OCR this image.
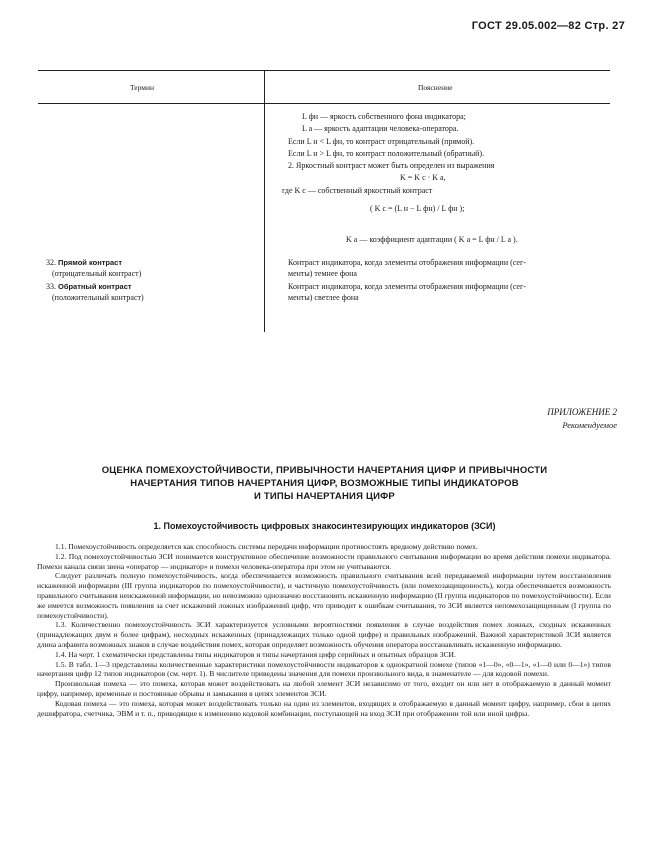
ГОСТ 29.05.002—82 Стр. 27
Термин	Пояснение
L фн — яркость собственного фона индикатора;
L а — яркость адаптации человека-оператора.
Если L н < L фн, то контраст отрицательный (прямой).
Если L н > L фн, то контраст положительный (обратный).
2. Яркостный контраст может быть определен из выражения
K = K с · K а,
где K с — собственный яркостный контраст
( K с = (L н − L фн) / L фн );
K а — коэффициент адаптации ( K а = L фн / L а ).
32. Прямой контраст
(отрицательный контраст)
Контраст индикатора, когда элементы отображения информации (сег-
менты) темнее фона
33. Обратный контраст
(положительный контраст)
Контраст индикатора, когда элементы отображения информации (сег-
менты) светлее фона
ПРИЛОЖЕНИЕ 2
Рекомендуемое
ОЦЕНКА ПОМЕХОУСТОЙЧИВОСТИ, ПРИВЫЧНОСТИ НАЧЕРТАНИЯ ЦИФР И ПРИВЫЧНОСТИ
НАЧЕРТАНИЯ ТИПОВ НАЧЕРТАНИЯ ЦИФР, ВОЗМОЖНЫЕ ТИПЫ ИНДИКАТОРОВ
И ТИПЫ НАЧЕРТАНИЯ ЦИФР
1. Помехоустойчивость цифровых знакосинтезирующих индикаторов (ЗСИ)

1.1. Помехоустойчивость определяется как способность системы передачи информации противостоять вредному действию помех.

1.2. Под помехоустойчивостью ЗСИ понимается конструктивное обеспечение возможности правильного считывания информации во время действия помехи индикатора. Помехи канала связи звена «оператор — индикатор» и помехи человека-оператора при этом не учитываются.

Следует различать полную помехоустойчивость, когда обеспечивается возможность правильного считывания всей передаваемой информации путем восстановления искаженной информации (III группа индикаторов по помехоустойчивости), и частичную помехоустойчивость (или помехозащищенность), когда обеспечивается возможность правильного считывания неискаженной информации, но невозможно однозначно восстановить искаженную информацию (II группа индикаторов по помехоустойчивости). Если же имеется возможность появления за счет искажений ложных изображений цифр, что приводит к ошибкам считывания, то ЗСИ является непомехозащищенным (I группа по помехоустойчивости).

1.3. Количественно помехоустойчивость ЗСИ характеризуется условными вероятностями появления в случае воздействия помех ложных, сходных искаженных (принадлежащих двум и более цифрам), несходных искаженных (принадлежащих только одной цифре) и правильных изображений. Важной характеристикой ЗСИ является длина алфавита возможных знаков в случае воздействия помех, которая определяет возможность обучения оператора восстанавливать искаженную информацию.

1.4. На черт. 1 схематически представлены типы индикаторов и типы начертания цифр серийных и опытных образцов ЗСИ.

1.5. В табл. 1—3 представлены количественные характеристики помехоустойчивости индикаторов к однократной помехе (типов «1—0», «0—1», «1—0 или 0—1») типов начертания цифр 12 типов индикаторов (см. черт. 1). В числителе приведены значения для помехи произвольного вида, в знаменателе — для кодовой помехи.

Произвольная помеха — это помеха, которая может воздействовать на любой элемент ЗСИ независимо от того, входит он или нет в отображаемую в данный момент цифру, например, временные и постоянные обрывы и замыкания в цепях элементов ЗСИ.

Кодовая помеха — это помеха, которая может воздействовать только на один из элементов, входящих в отображаемую в данный момент цифру, например, сбои в цепях дешифратора, счетчика, ЭВМ и т. п., приводящие к изменению кодовой комбинации, поступающей на вход ЗСИ при отображении той или иной цифры.
